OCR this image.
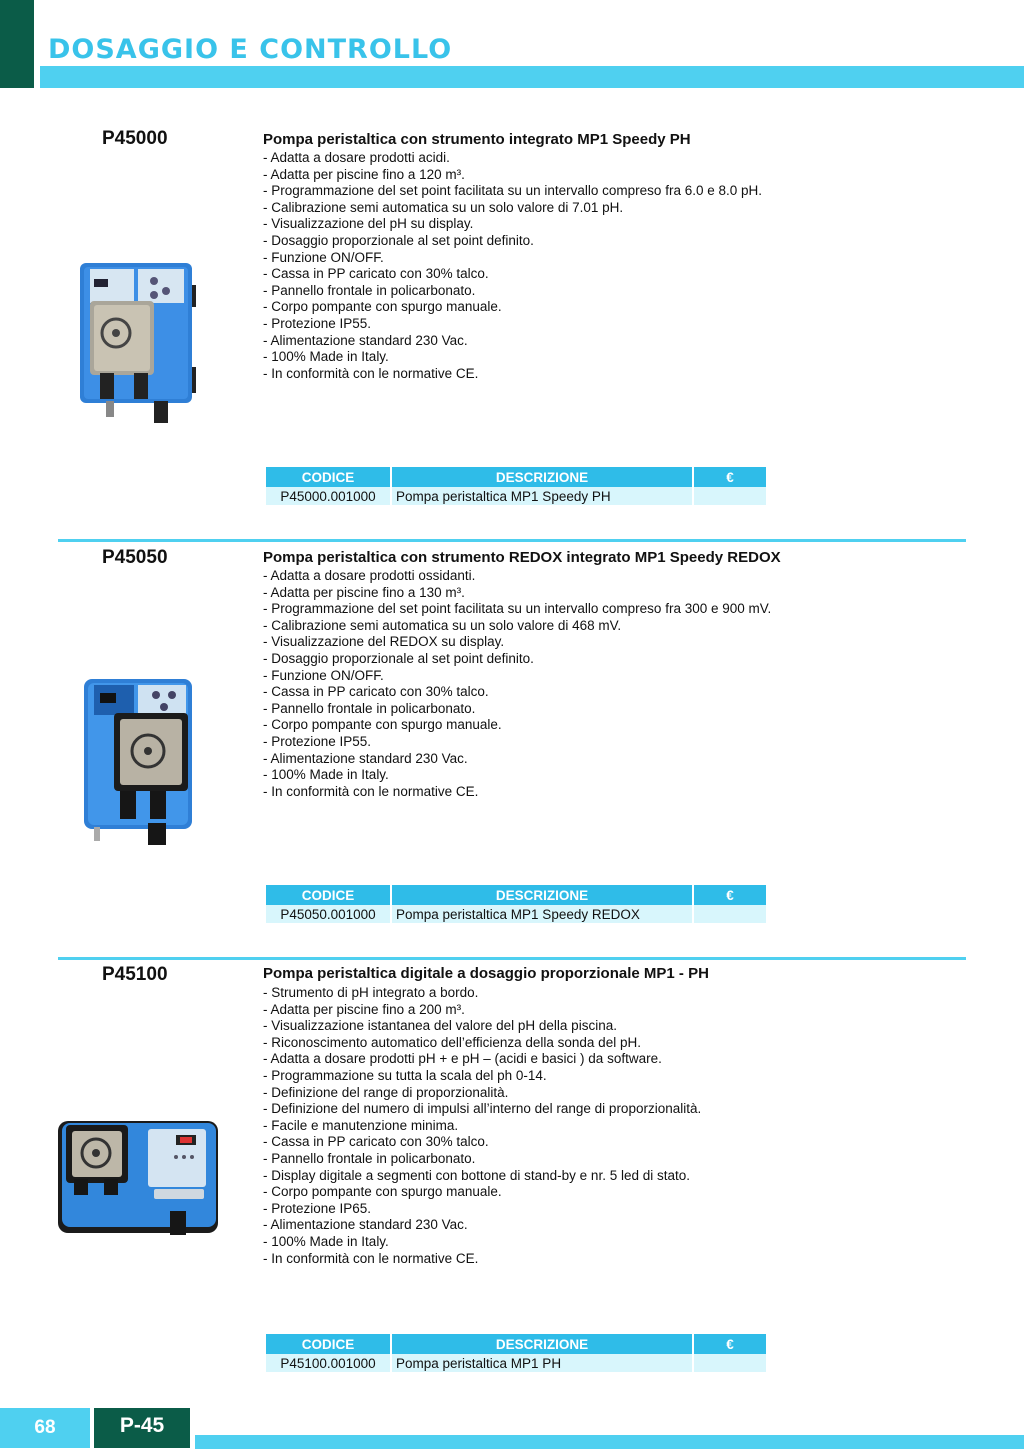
DOSAGGIO E CONTROLLO
P45000	Pompa peristaltica con strumento integrato MP1 Speedy PH
- Adatta a dosare prodotti acidi.
- Adatta per piscine fino a 120 m³.
- Programmazione del set point facilitata su un intervallo compreso fra 6.0 e 8.0 pH.
- Calibrazione semi automatica su un solo valore di 7.01 pH.
- Visualizzazione del pH su display.
- Dosaggio proporzionale al set point definito.
- Funzione ON/OFF.
- Cassa in PP caricato con 30% talco.
- Pannello frontale in policarbonato.
- Corpo pompante con spurgo manuale.
- Protezione IP55.
- Alimentazione standard 230 Vac.
- 100% Made in Italy.
- In conformità con le normative CE.
CODICE	DESCRIZIONE	€
P45000.001000	Pompa peristaltica MP1 Speedy PH	
P45050	Pompa peristaltica con strumento REDOX integrato MP1 Speedy REDOX
- Adatta a dosare prodotti ossidanti.
- Adatta per piscine fino a 130 m³.
- Programmazione del set point facilitata su un intervallo compreso fra 300 e 900 mV.
- Calibrazione semi automatica su un solo valore di 468 mV.
- Visualizzazione del REDOX su display.
- Dosaggio proporzionale al set point definito.
- Funzione ON/OFF.
- Cassa in PP caricato con 30% talco.
- Pannello frontale in policarbonato.
- Corpo pompante con spurgo manuale.
- Protezione IP55.
- Alimentazione standard 230 Vac.
- 100% Made in Italy.
- In conformità con le normative CE.
CODICE	DESCRIZIONE	€
P45050.001000	Pompa peristaltica MP1 Speedy REDOX	
P45100	Pompa peristaltica digitale a dosaggio proporzionale MP1 - PH
- Strumento di pH integrato a bordo.
- Adatta per piscine fino a 200 m³.
- Visualizzazione istantanea del valore del pH della piscina.
- Riconoscimento automatico dell’efficienza della sonda del pH.
- Adatta a dosare prodotti pH + e pH – (acidi e basici ) da software.
- Programmazione su tutta la scala del ph 0-14.
- Definizione del range di proporzionalità.
- Definizione del numero di impulsi all’interno del range di proporzionalità.
- Facile e manutenzione minima.
- Cassa in PP caricato con 30% talco.
- Pannello frontale in policarbonato.
- Display digitale a segmenti con bottone di stand-by e nr. 5 led di stato.
- Corpo pompante con spurgo manuale.
- Protezione IP65.
- Alimentazione standard 230 Vac.
- 100% Made in Italy.
- In conformità con le normative CE.
CODICE	DESCRIZIONE	€
P45100.001000	Pompa peristaltica MP1 PH	
68	P-45
